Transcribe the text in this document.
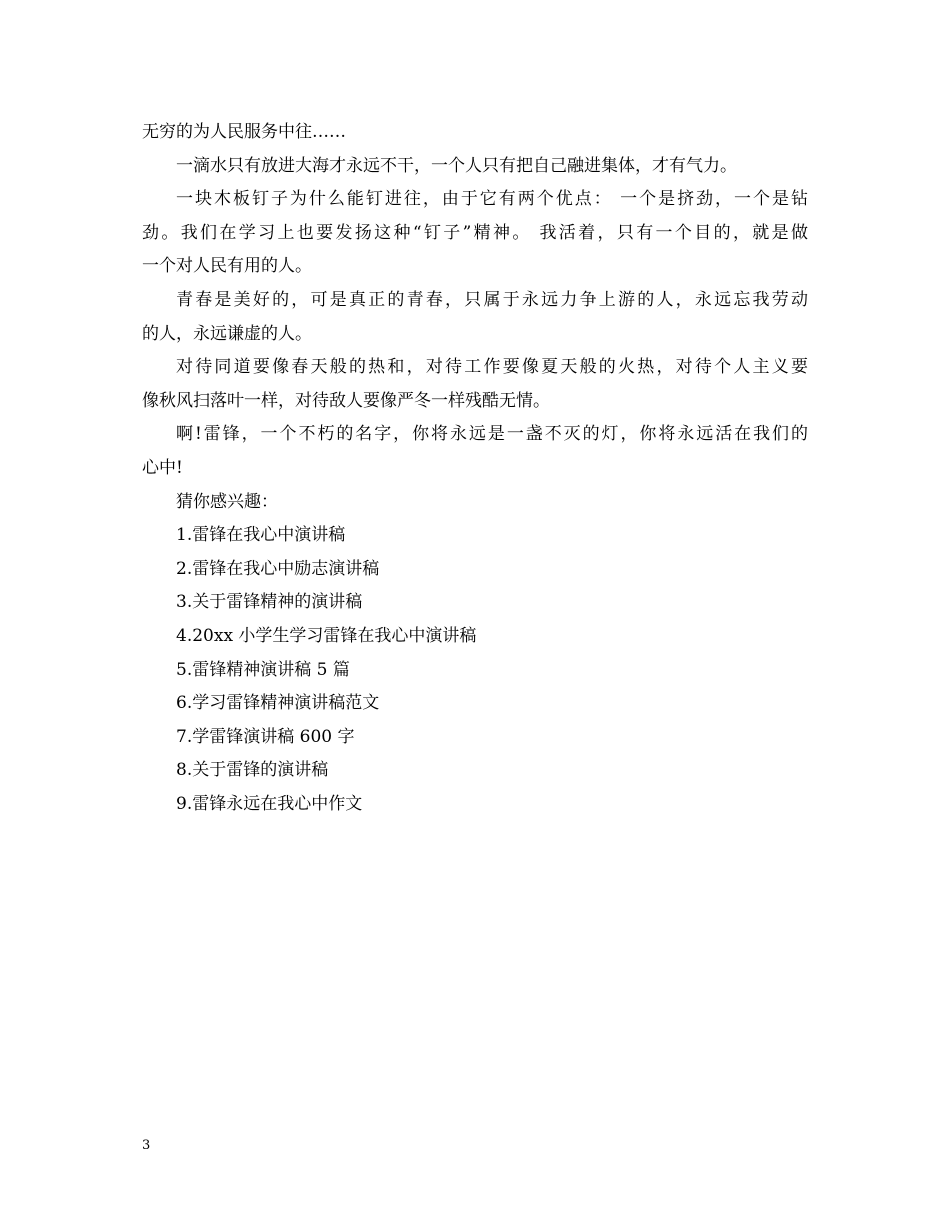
无穷的为人民服务中往……
一滴水只有放进大海才永远不干，一个人只有把自己融进集体，才有气力。
一块木板钉子为什么能钉进往，由于它有两个优点： 一个是挤劲，一个是钻
劲。我们在学习上也要发扬这种“钉子”精神。 我活着，只有一个目的，就是做
一个对人民有用的人。
青春是美好的，可是真正的青春，只属于永远力争上游的人，永远忘我劳动
的人，永远谦虚的人。
对待同道要像春天般的热和，对待工作要像夏天般的火热，对待个人主义要
像秋风扫落叶一样，对待敌人要像严冬一样残酷无情。
啊!雷锋，一个不朽的名字，你将永远是一盏不灭的灯，你将永远活在我们的
心中!
猜你感兴趣：
1.雷锋在我心中演讲稿
2.雷锋在我心中励志演讲稿
3.关于雷锋精神的演讲稿
4.20xx 小学生学习雷锋在我心中演讲稿
5.雷锋精神演讲稿 5 篇
6.学习雷锋精神演讲稿范文
7.学雷锋演讲稿 600 字
8.关于雷锋的演讲稿
9.雷锋永远在我心中作文
3
